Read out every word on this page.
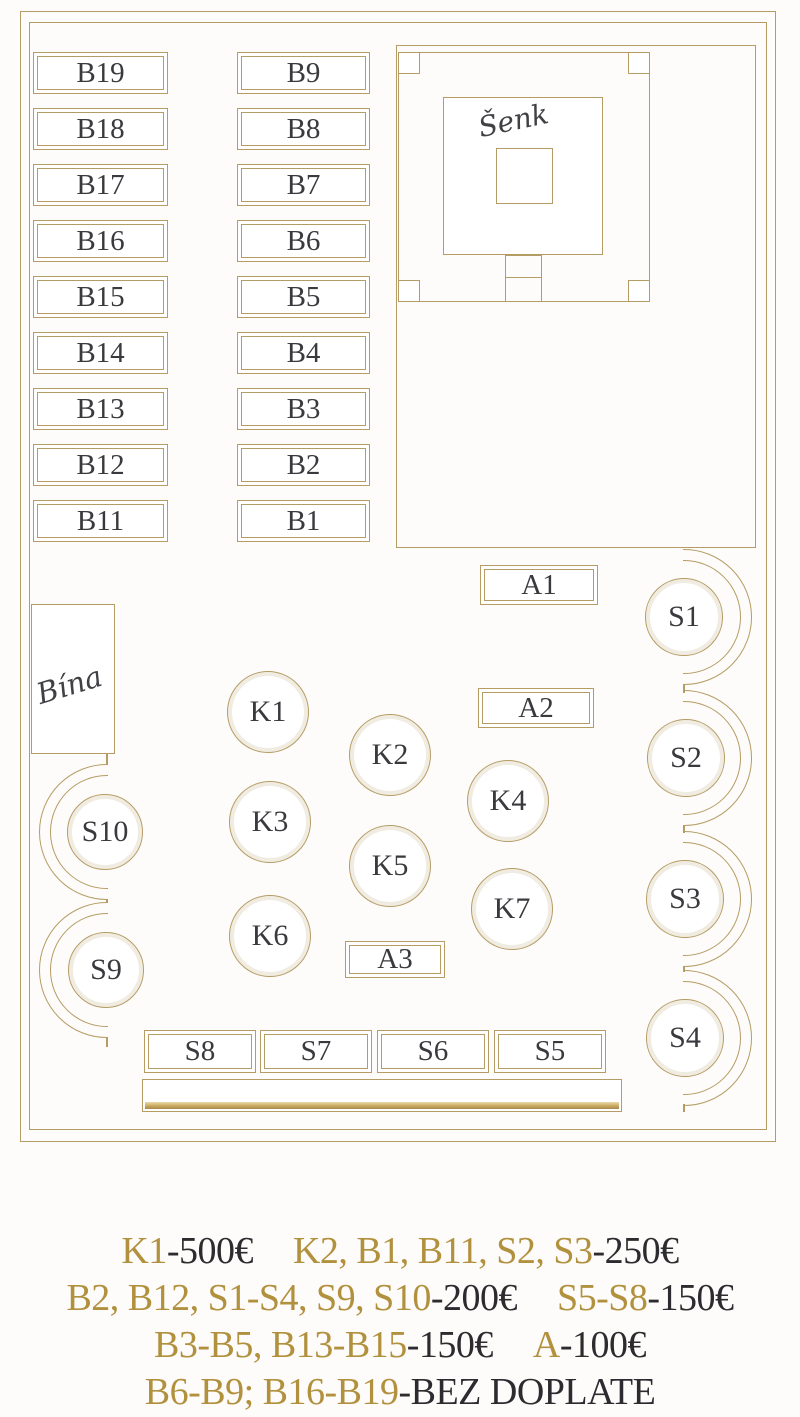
Šenk
Bína
B19
B18
B17
B16
B15
B14
B13
B12
B11
B9
B8
B7
B6
B5
B4
B3
B2
B1
A1
A2
A3
S8	S7	S6	S5
K1
K2
K3
K4
K5
K6
K7
S1
S2
S3
S4
S10
S9
K1-500€ K2, B1, B11, S2, S3-250€
B2, B12, S1-S4, S9, S10-200€ S5-S8-150€
B3-B5, B13-B15-150€ A-100€
B6-B9; B16-B19-BEZ DOPLATE
